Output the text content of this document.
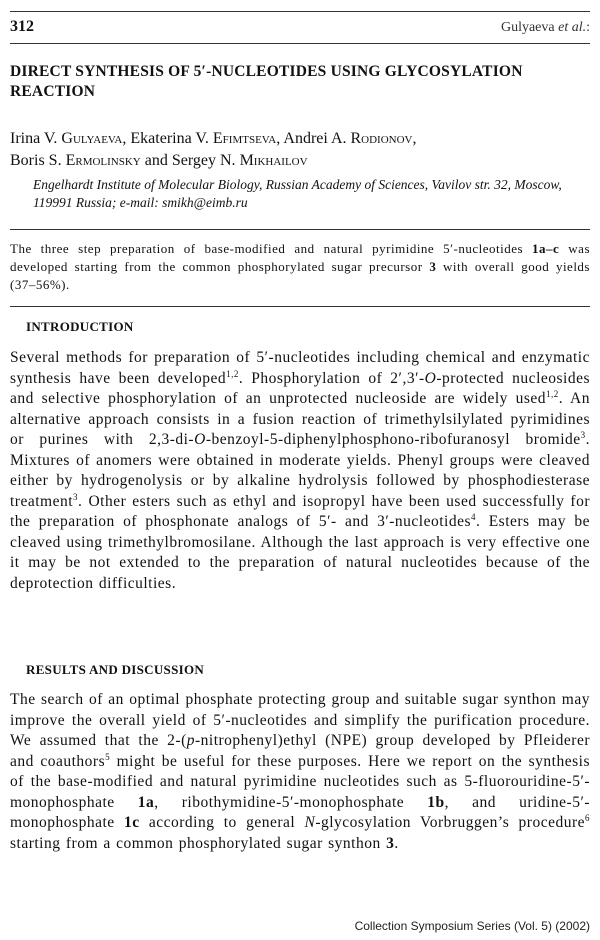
312	Gulyaeva et al.:
DIRECT SYNTHESIS OF 5′-NUCLEOTIDES USING GLYCOSYLATION REACTION
Irina V. Gulyaeva, Ekaterina V. Efimtseva, Andrei A. Rodionov,
Boris S. Ermolinsky and Sergey N. Mikhailov
Engelhardt Institute of Molecular Biology, Russian Academy of Sciences, Vavilov str. 32, Moscow, 119991 Russia; e-mail: smikh@eimb.ru
The three step preparation of base-modified and natural pyrimidine 5′-nucleotides 1a–c was developed starting from the common phosphorylated sugar precursor 3 with overall good yields (37–56%).
INTRODUCTION
Several methods for preparation of 5′-nucleotides including chemical and enzymatic synthesis have been developed$^{1,2}$. Phosphorylation of 2′,3′-O-protected nucleosides and selective phosphorylation of an unprotected nucleoside are widely used$^{1,2}$. An alternative approach consists in a fusion reaction of trimethylsilylated pyrimidines or purines with 2,3-di-O-benzoyl-5-diphenylphosphono-ribofuranosyl bromide$^3$. Mixtures of anomers were obtained in moderate yields. Phenyl groups were cleaved either by hydrogenolysis or by alkaline hydrolysis followed by phosphodiesterase treatment$^3$. Other esters such as ethyl and isopropyl have been used successfully for the preparation of phosphonate analogs of 5′- and 3′-nucleotides$^4$. Esters may be cleaved using trimethylbromosilane. Although the last approach is very effective one it may be not extended to the preparation of natural nucleotides because of the deprotection difficulties.
RESULTS AND DISCUSSION
The search of an optimal phosphate protecting group and suitable sugar synthon may improve the overall yield of 5′-nucleotides and simplify the purification procedure. We assumed that the 2-(p-nitrophenyl)ethyl (NPE) group developed by Pfleiderer and coauthors$^5$ might be useful for these purposes. Here we report on the synthesis of the base-modified and natural pyrimidine nucleotides such as 5-fluorouridine-5′-monophosphate 1a, ribothymidine-5′-monophosphate 1b, and uridine-5′-monophosphate 1c according to general N-glycosylation Vorbruggen’s procedure$^6$ starting from a common phosphorylated sugar synthon 3.
Collection Symposium Series (Vol. 5) (2002)
